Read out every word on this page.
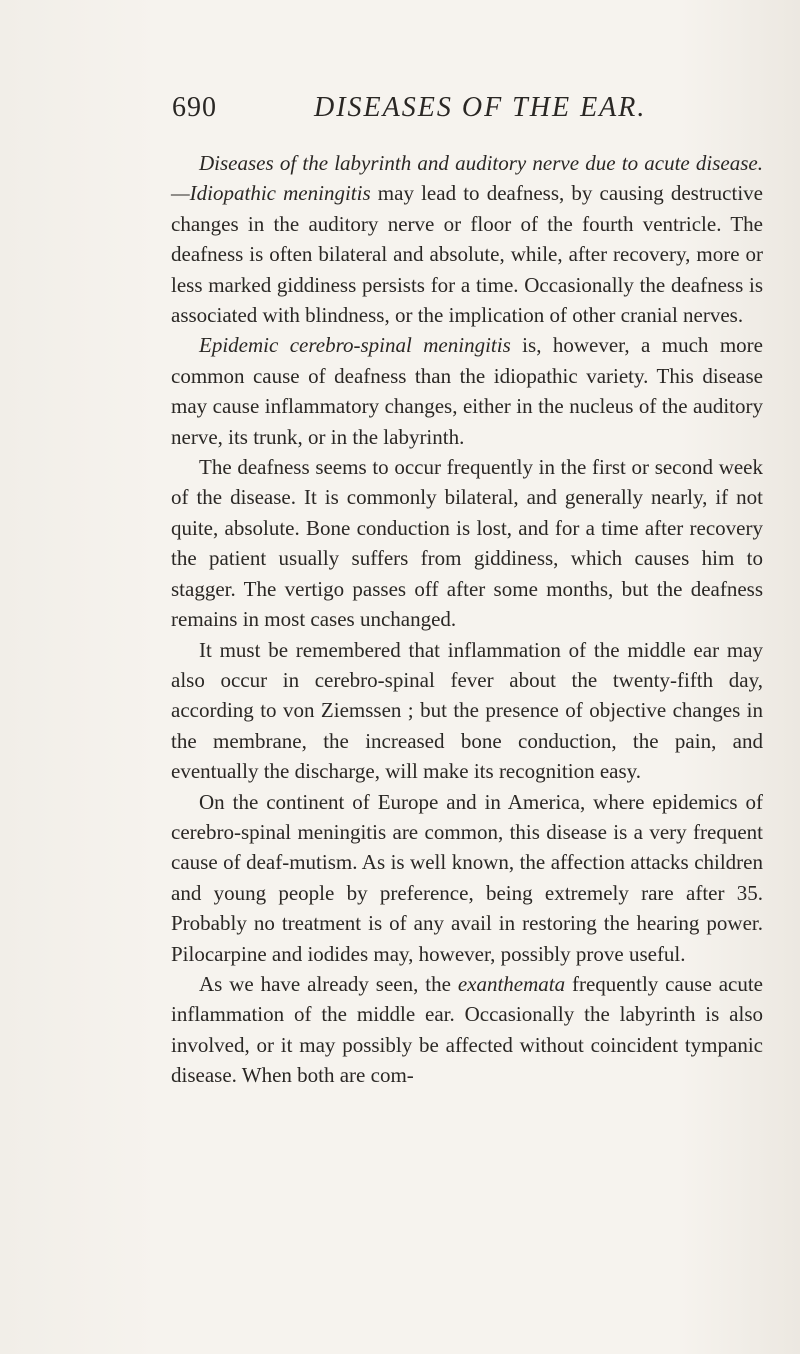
690	DISEASES OF THE EAR.

Diseases of the labyrinth and auditory nerve due to acute disease.—Idiopathic meningitis may lead to deafness, by causing destructive changes in the auditory nerve or floor of the fourth ventricle. The deafness is often bilateral and absolute, while, after recovery, more or less marked giddiness persists for a time. Occasionally the deafness is associated with blindness, or the implication of other cranial nerves.

Epidemic cerebro-spinal meningitis is, however, a much more common cause of deafness than the idiopathic variety. This disease may cause inflammatory changes, either in the nucleus of the auditory nerve, its trunk, or in the labyrinth.

The deafness seems to occur frequently in the first or second week of the disease. It is commonly bilateral, and generally nearly, if not quite, absolute. Bone conduction is lost, and for a time after recovery the patient usually suffers from giddiness, which causes him to stagger. The vertigo passes off after some months, but the deafness remains in most cases unchanged.

It must be remembered that inflammation of the middle ear may also occur in cerebro-spinal fever about the twenty-fifth day, according to von Ziemssen ; but the presence of objective changes in the membrane, the increased bone conduction, the pain, and eventually the discharge, will make its recognition easy.

On the continent of Europe and in America, where epidemics of cerebro-spinal meningitis are common, this disease is a very frequent cause of deaf-mutism. As is well known, the affection attacks children and young people by preference, being extremely rare after 35. Probably no treatment is of any avail in restoring the hearing power. Pilocarpine and iodides may, however, possibly prove useful.

As we have already seen, the exanthemata frequently cause acute inflammation of the middle ear. Occasionally the labyrinth is also involved, or it may possibly be affected without coincident tympanic disease. When both are com-
